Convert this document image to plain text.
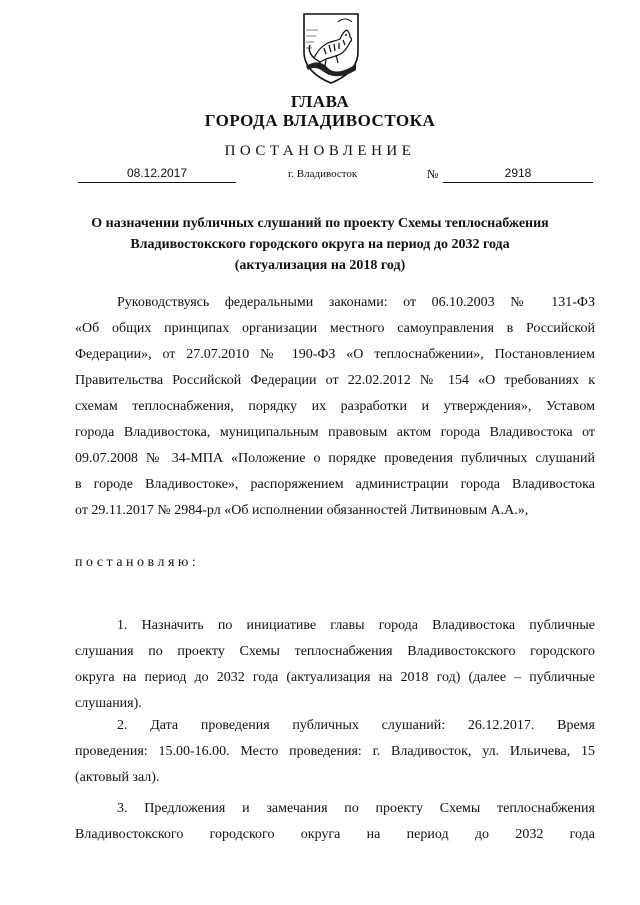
ГЛАВА
ГОРОДА ВЛАДИВОСТОКА
ПОСТАНОВЛЕНИЕ
08.12.2017	г. Владивосток	№	2918
О назначении публичных слушаний по проекту Схемы теплоснабжения
Владивостокского городского округа на период до 2032 года
(актуализация на 2018 год)
Руководствуясь федеральными законами: от 06.10.2003 № 131-ФЗ
«Об общих принципах организации местного самоуправления в Российской
Федерации», от 27.07.2010 № 190-ФЗ «О теплоснабжении», Постановлением
Правительства Российской Федерации от 22.02.2012 № 154 «О требованиях к
схемам теплоснабжения, порядку их разработки и утверждения», Уставом
города Владивостока, муниципальным правовым актом города Владивостока от
09.07.2008 № 34-МПА «Положение о порядке проведения публичных слушаний
в городе Владивостоке», распоряжением администрации города Владивостока
от 29.11.2017 № 2984-рл «Об исполнении обязанностей Литвиновым А.А.»,
постановляю:
1. Назначить по инициативе главы города Владивостока публичные
слушания по проекту Схемы теплоснабжения Владивостокского городского
округа на период до 2032 года (актуализация на 2018 год) (далее – публичные
слушания).
2. Дата проведения публичных слушаний: 26.12.2017. Время
проведения: 15.00-16.00. Место проведения: г. Владивосток, ул. Ильичева, 15
(актовый зал).
3. Предложения и замечания по проекту Схемы теплоснабжения
Владивостокского городского округа на период до 2032 года
